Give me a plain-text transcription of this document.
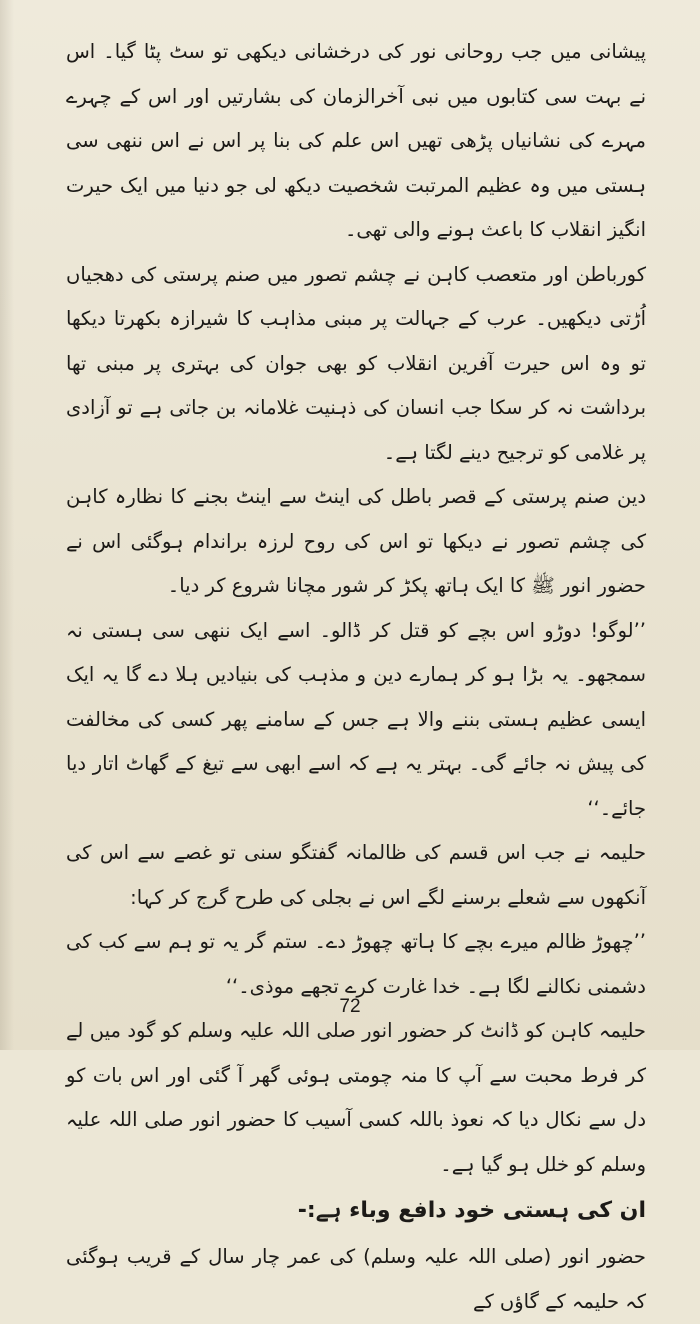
پیشانی میں جب روحانی نور کی درخشانی دیکھی تو سٹ پٹا گیا۔ اس نے بہت سی کتابوں میں نبی آخرالزمان کی بشارتیں اور اس کے چہرے مہرے کی نشانیاں پڑھی تھیں اس علم کی بنا پر اس نے اس ننھی سی ہستی میں وہ عظیم المرتبت شخصیت دیکھ لی جو دنیا میں ایک حیرت انگیز انقلاب کا باعث ہونے والی تھی۔

کورباطن اور متعصب کاہن نے چشم تصور میں صنم پرستی کی دھجیاں اُڑتی دیکھیں۔ عرب کے جہالت پر مبنی مذاہب کا شیرازہ بکھرتا دیکھا تو وہ اس حیرت آفرین انقلاب کو بھی جوان کی بہتری پر مبنی تھا برداشت نہ کر سکا جب انسان کی ذہنیت غلامانہ بن جاتی ہے تو آزادی پر غلامی کو ترجیح دینے لگتا ہے۔

دین صنم پرستی کے قصر باطل کی اینٹ سے اینٹ بجنے کا نظارہ کاہن کی چشم تصور نے دیکھا تو اس کی روح لرزہ براندام ہوگئی اس نے حضور انور ﷺ کا ایک ہاتھ پکڑ کر شور مچانا شروع کر دیا۔

’’لوگو! دوڑو اس بچے کو قتل کر ڈالو۔ اسے ایک ننھی سی ہستی نہ سمجھو۔ یہ بڑا ہو کر ہمارے دین و مذہب کی بنیادیں ہلا دے گا یہ ایک ایسی عظیم ہستی بننے والا ہے جس کے سامنے پھر کسی کی مخالفت کی پیش نہ جائے گی۔ بہتر یہ ہے کہ اسے ابھی سے تیغ کے گھاٹ اتار دیا جائے۔‘‘

حلیمہ نے جب اس قسم کی ظالمانہ گفتگو سنی تو غصے سے اس کی آنکھوں سے شعلے برسنے لگے اس نے بجلی کی طرح گرج کر کہا:

’’چھوڑ ظالم میرے بچے کا ہاتھ چھوڑ دے۔ ستم گر یہ تو ہم سے کب کی دشمنی نکالنے لگا ہے۔ خدا غارت کرے تجھے موذی۔‘‘

حلیمہ کاہن کو ڈانٹ کر حضور انور صلی اللہ علیہ وسلم کو گود میں لے کر فرط محبت سے آپ کا منہ چومتی ہوئی گھر آ گئی اور اس بات کو دل سے نکال دیا کہ نعوذ باللہ کسی آسیب کا حضور انور صلی اللہ علیہ وسلم کو خلل ہو گیا ہے۔

ان کی ہستی خود دافع وباء ہے:-

حضور انور (صلی اللہ علیہ وسلم) کی عمر چار سال کے قریب ہوگئی کہ حلیمہ کے گاؤں کے

72
